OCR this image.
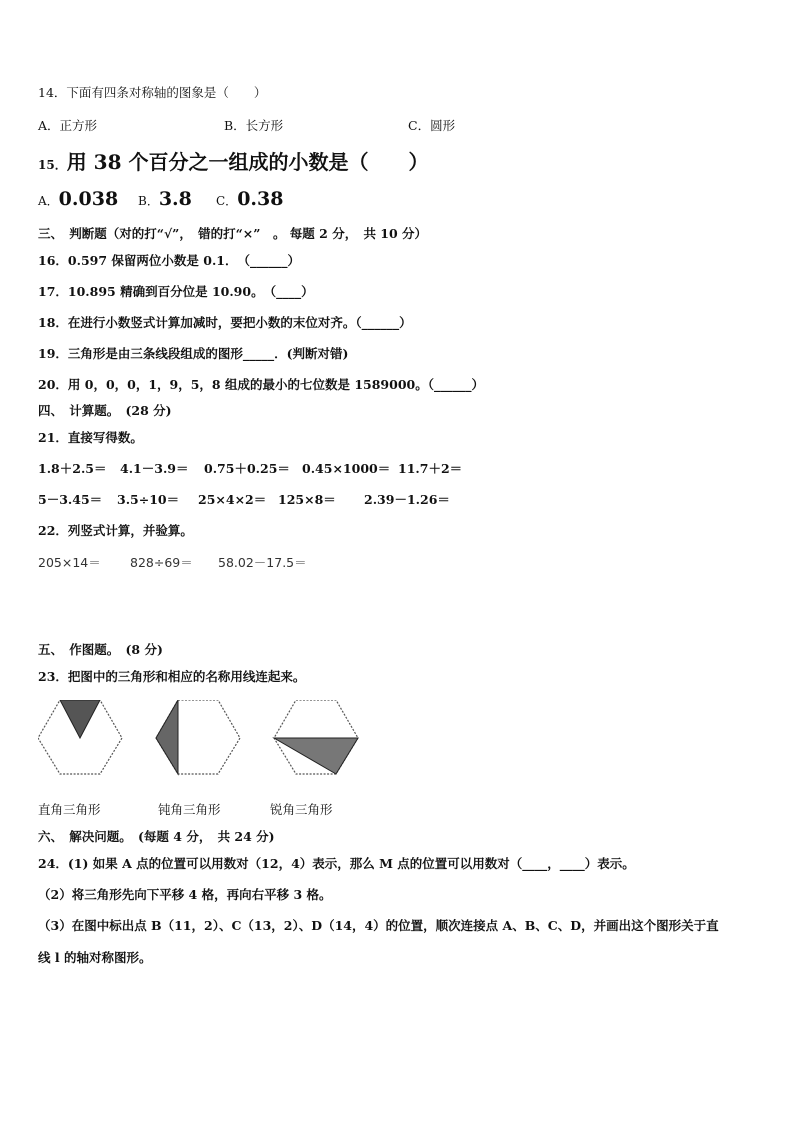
14．下面有四条对称轴的图象是（　　）
A．正方形	B．长方形	C．圆形
15．用 38 个百分之一组成的小数是（　　）
A．0.038 B．3.8 C．0.38
三、　判断题（对的打“√”，　错的打“×”　。 每题 2 分，　共 10 分）
16．0.597 保留两位小数是 0.1．　（______）
17．10.895 精确到百分位是 10.90。　（____）
18．在进行小数竖式计算加减时，要把小数的末位对齐。（______）
19．三角形是由三条线段组成的图形_____．(判断对错)
20．用 0，0，0，1，9，5，8 组成的最小的七位数是 1589000。（______）
四、　计算题。　(28 分)
21．直接写得数。
1.8＋2.5＝ 4.1－3.9＝ 0.75＋0.25＝ 0.45×1000＝ 11.7＋2＝
5－3.45＝ 3.5÷10＝ 25×4×2＝ 125×8＝ 2.39－1.26＝
22．列竖式计算，并验算。
205×14＝ 828÷69＝ 58.02－17.5＝
五、　作图题。　(8 分)
23．把图中的三角形和相应的名称用线连起来。
直角三角形	钝角三角形	锐角三角形
六、　解决问题。　(每题 4 分，　共 24 分)
24．(1) 如果 A 点的位置可以用数对（12，4）表示，那么 M 点的位置可以用数对（____，____）表示。
（2）将三角形先向下平移 4 格，再向右平移 3 格。
（3）在图中标出点 B（11，2）、C（13，2）、D（14，4）的位置，顺次连接点 A、B、C、D，并画出这个图形关于直
线 l 的轴对称图形。
